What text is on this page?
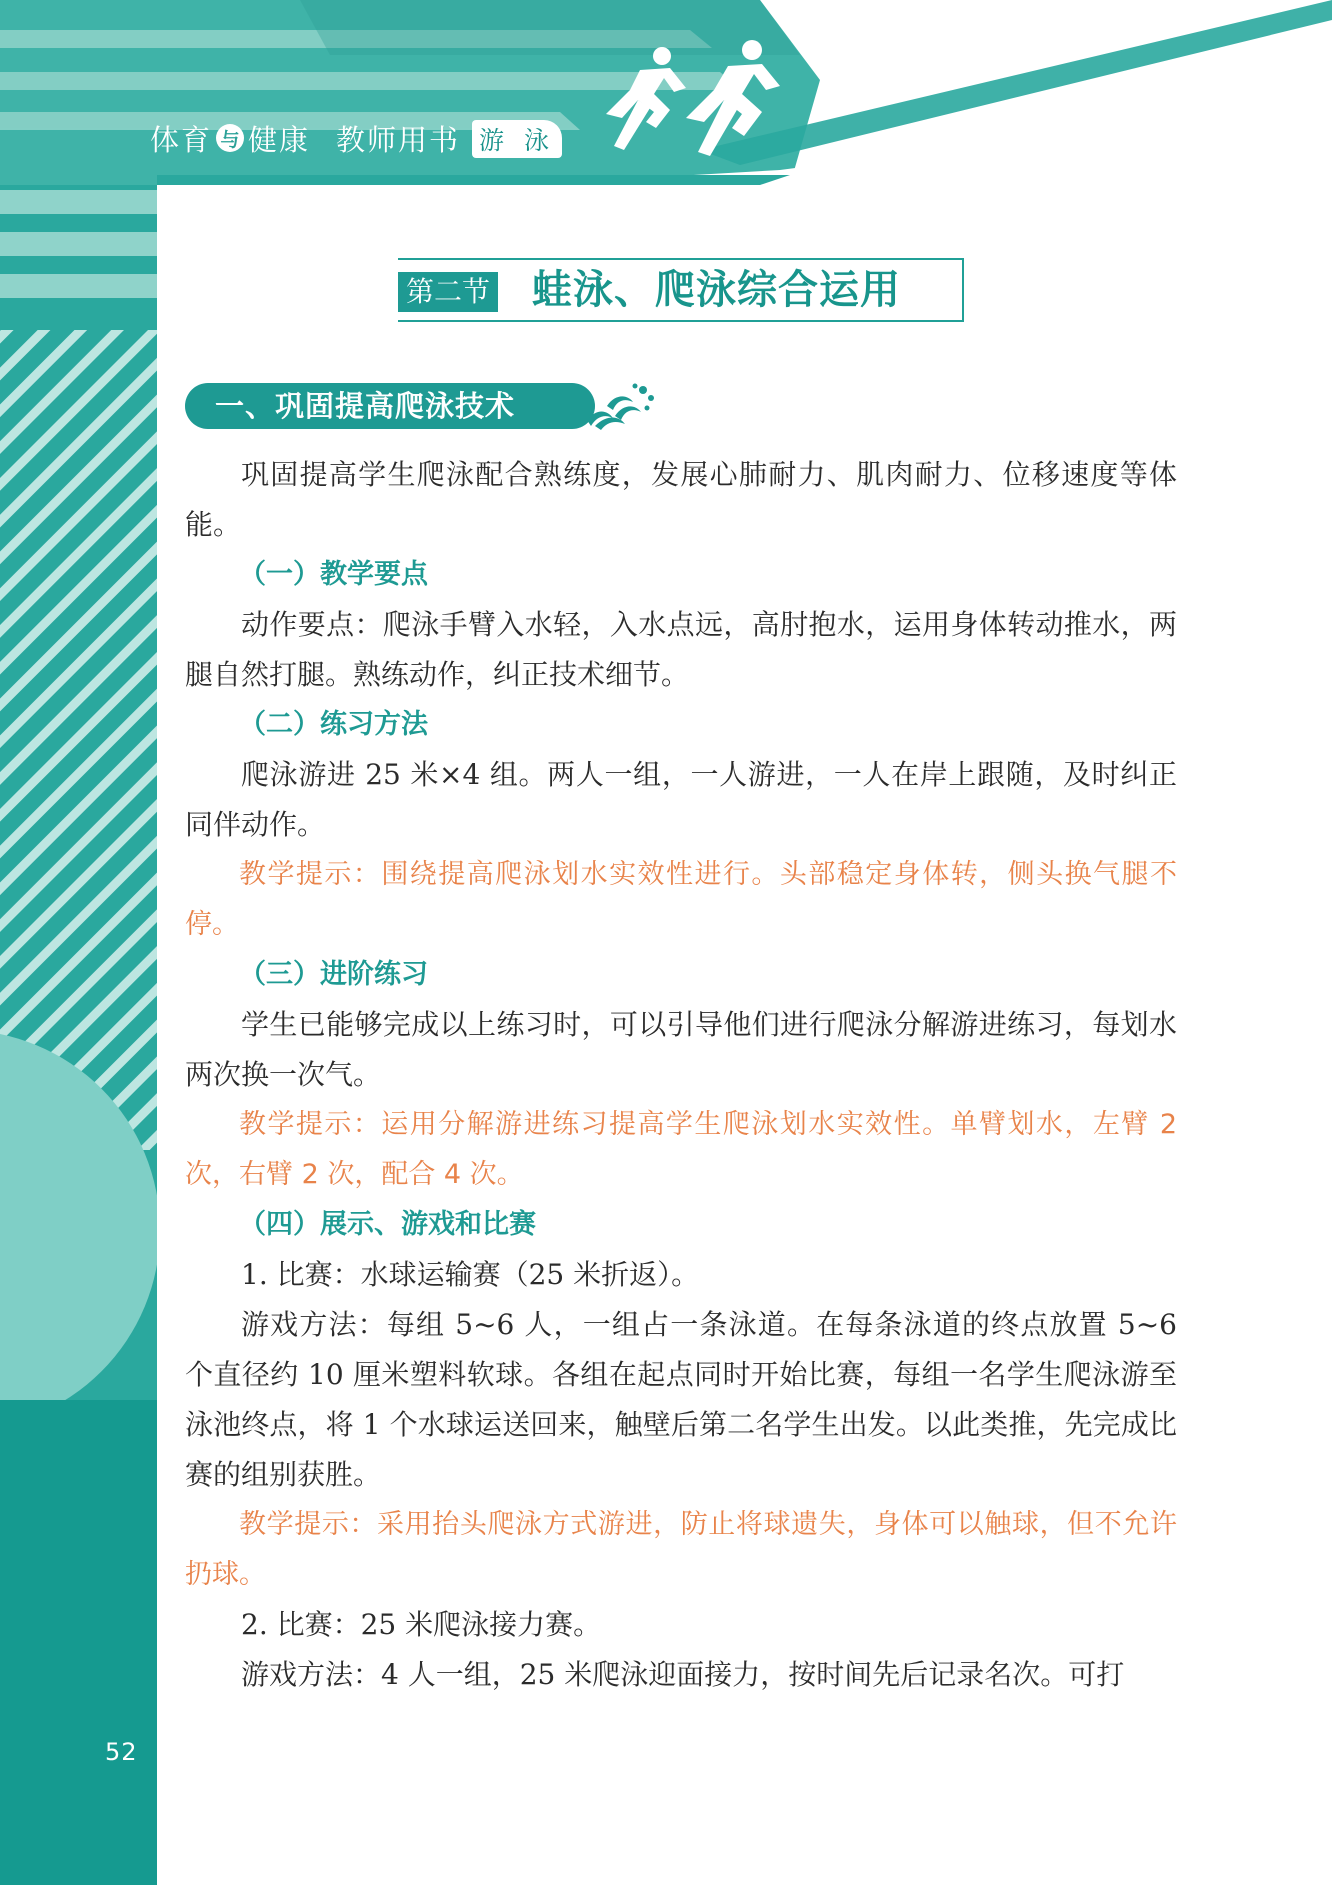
体育 与 健康 教师用书 游 泳
第二节 蛙泳、爬泳综合运用
一、巩固提高爬泳技术

巩固提高学生爬泳配合熟练度，发展心肺耐力、肌肉耐力、位移速度等体能。

（一）教学要点

动作要点：爬泳手臂入水轻，入水点远，高肘抱水，运用身体转动推水，两腿自然打腿。熟练动作，纠正技术细节。

（二）练习方法

爬泳游进 25 米×4 组。两人一组，一人游进，一人在岸上跟随，及时纠正同伴动作。

教学提示：围绕提高爬泳划水实效性进行。头部稳定身体转，侧头换气腿不停。

（三）进阶练习

学生已能够完成以上练习时，可以引导他们进行爬泳分解游进练习，每划水两次换一次气。

教学提示：运用分解游进练习提高学生爬泳划水实效性。单臂划水，左臂 2 次，右臂 2 次，配合 4 次。

（四）展示、游戏和比赛

1. 比赛：水球运输赛（25 米折返）。

游戏方法：每组 5~6 人，一组占一条泳道。在每条泳道的终点放置 5~6 个直径约 10 厘米塑料软球。各组在起点同时开始比赛，每组一名学生爬泳游至泳池终点，将 1 个水球运送回来，触壁后第二名学生出发。以此类推，先完成比赛的组别获胜。

教学提示：采用抬头爬泳方式游进，防止将球遗失，身体可以触球，但不允许扔球。

2. 比赛：25 米爬泳接力赛。

游戏方法：4 人一组，25 米爬泳迎面接力，按时间先后记录名次。可打

52
